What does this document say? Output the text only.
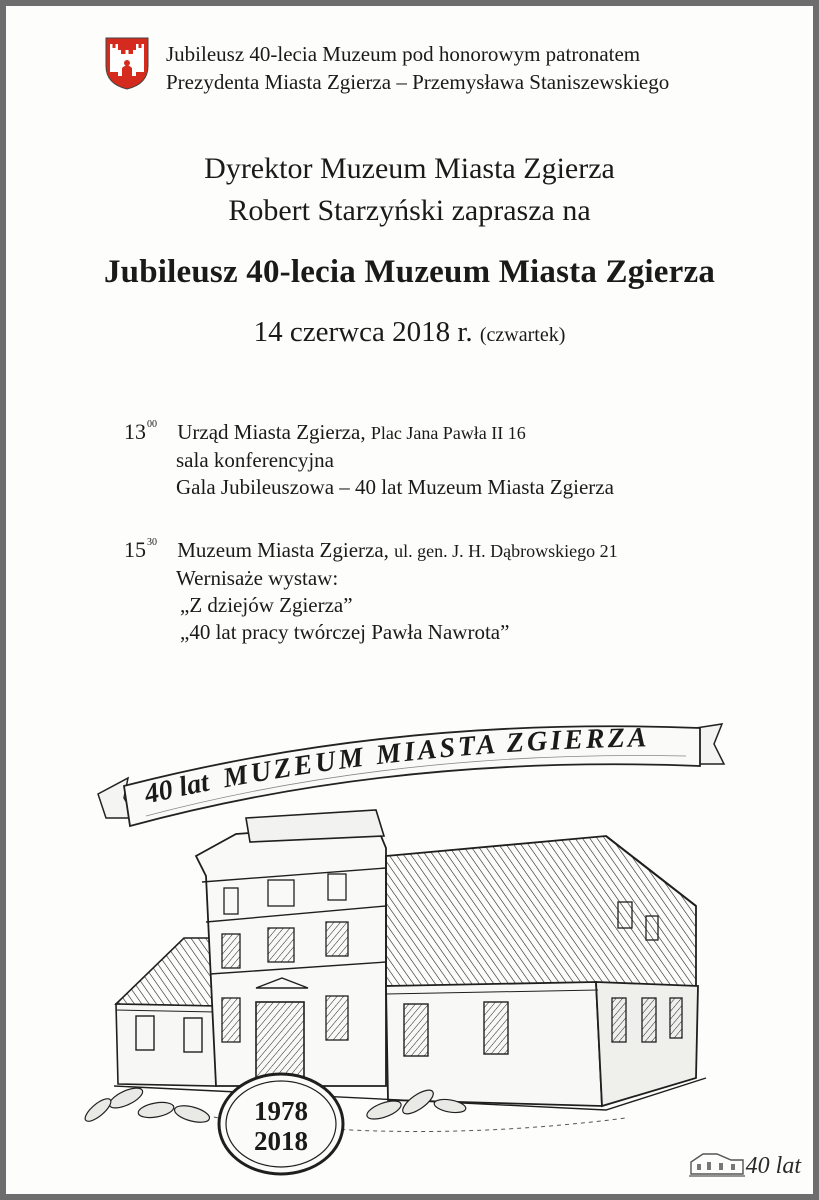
Jubileusz 40-lecia Muzeum pod honorowym patronatem
Prezydenta Miasta Zgierza – Przemysława Staniszewskiego
Dyrektor Muzeum Miasta Zgierza
Robert Starzyński zaprasza na
Jubileusz 40-lecia Muzeum Miasta Zgierza
14 czerwca 2018 r. (czwartek)
$13^{00}$ Urząd Miasta Zgierza, Plac Jana Pawła II 16
sala konferencyjna
Gala Jubileuszowa – 40 lat Muzeum Miasta Zgierza
$15^{30}$ Muzeum Miasta Zgierza, ul. gen. J. H. Dąbrowskiego 21
Wernisaże wystaw:
„Z dziejów Zgierza”
„40 lat pracy twórczej Pawła Nawrota”
40 lat MUZEUM MIASTA ZGIERZA
1978
2018
40 lat
